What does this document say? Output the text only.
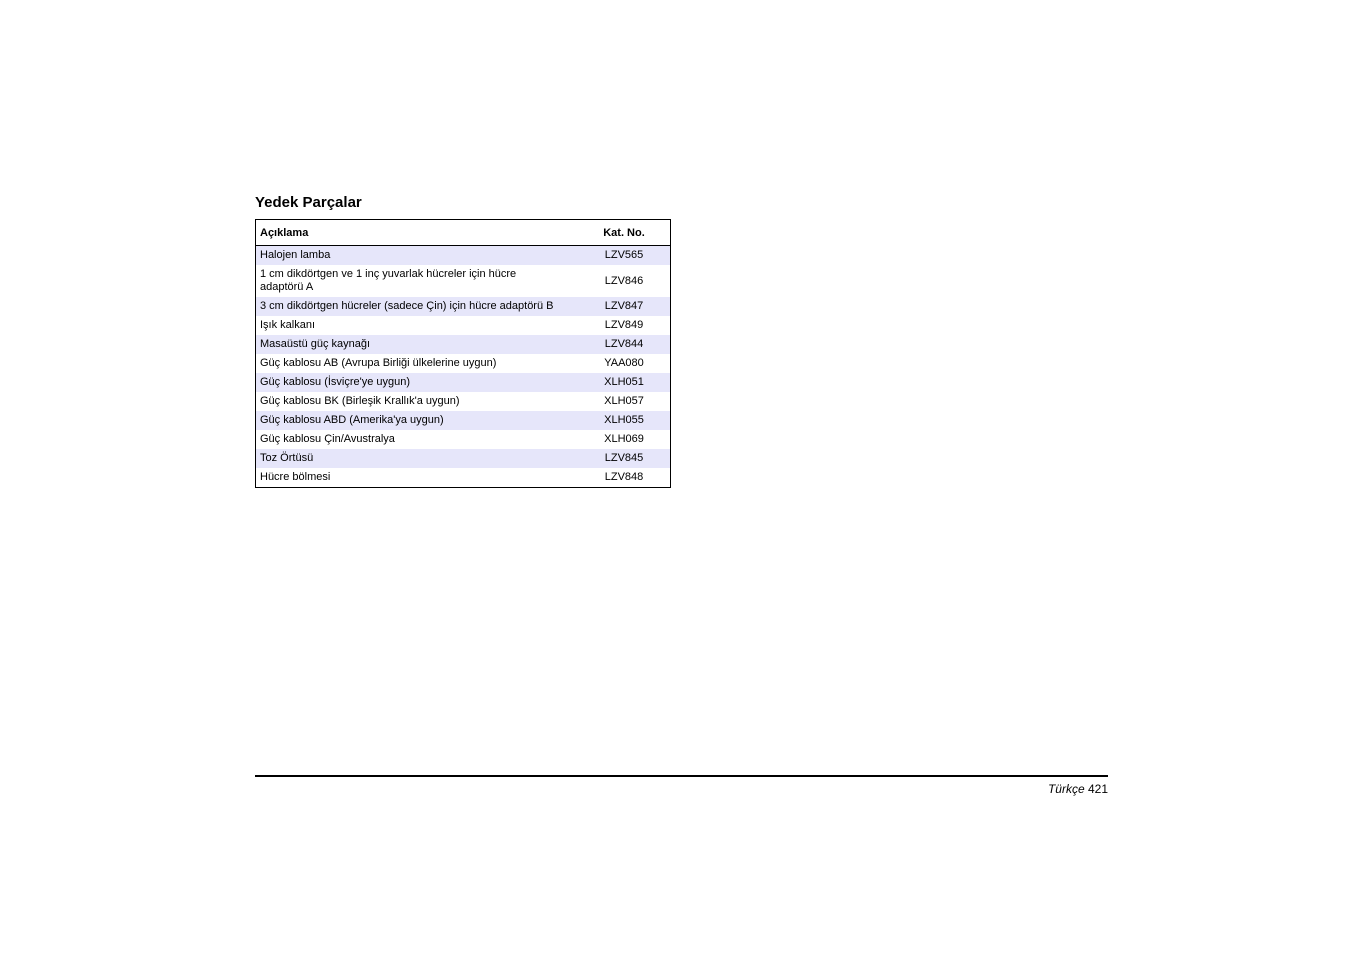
Yedek Parçalar
Açıklama	Kat. No.
Halojen lamba	LZV565
1 cm dikdörtgen ve 1 inç yuvarlak hücreler için hücre adaptörü A	LZV846
3 cm dikdörtgen hücreler (sadece Çin) için hücre adaptörü B	LZV847
Işık kalkanı	LZV849
Masaüstü güç kaynağı	LZV844
Güç kablosu AB (Avrupa Birliği ülkelerine uygun)	YAA080
Güç kablosu (İsviçre'ye uygun)	XLH051
Güç kablosu BK (Birleşik Krallık'a uygun)	XLH057
Güç kablosu ABD (Amerika'ya uygun)	XLH055
Güç kablosu Çin/Avustralya	XLH069
Toz Örtüsü	LZV845
Hücre bölmesi	LZV848
Türkçe 421
